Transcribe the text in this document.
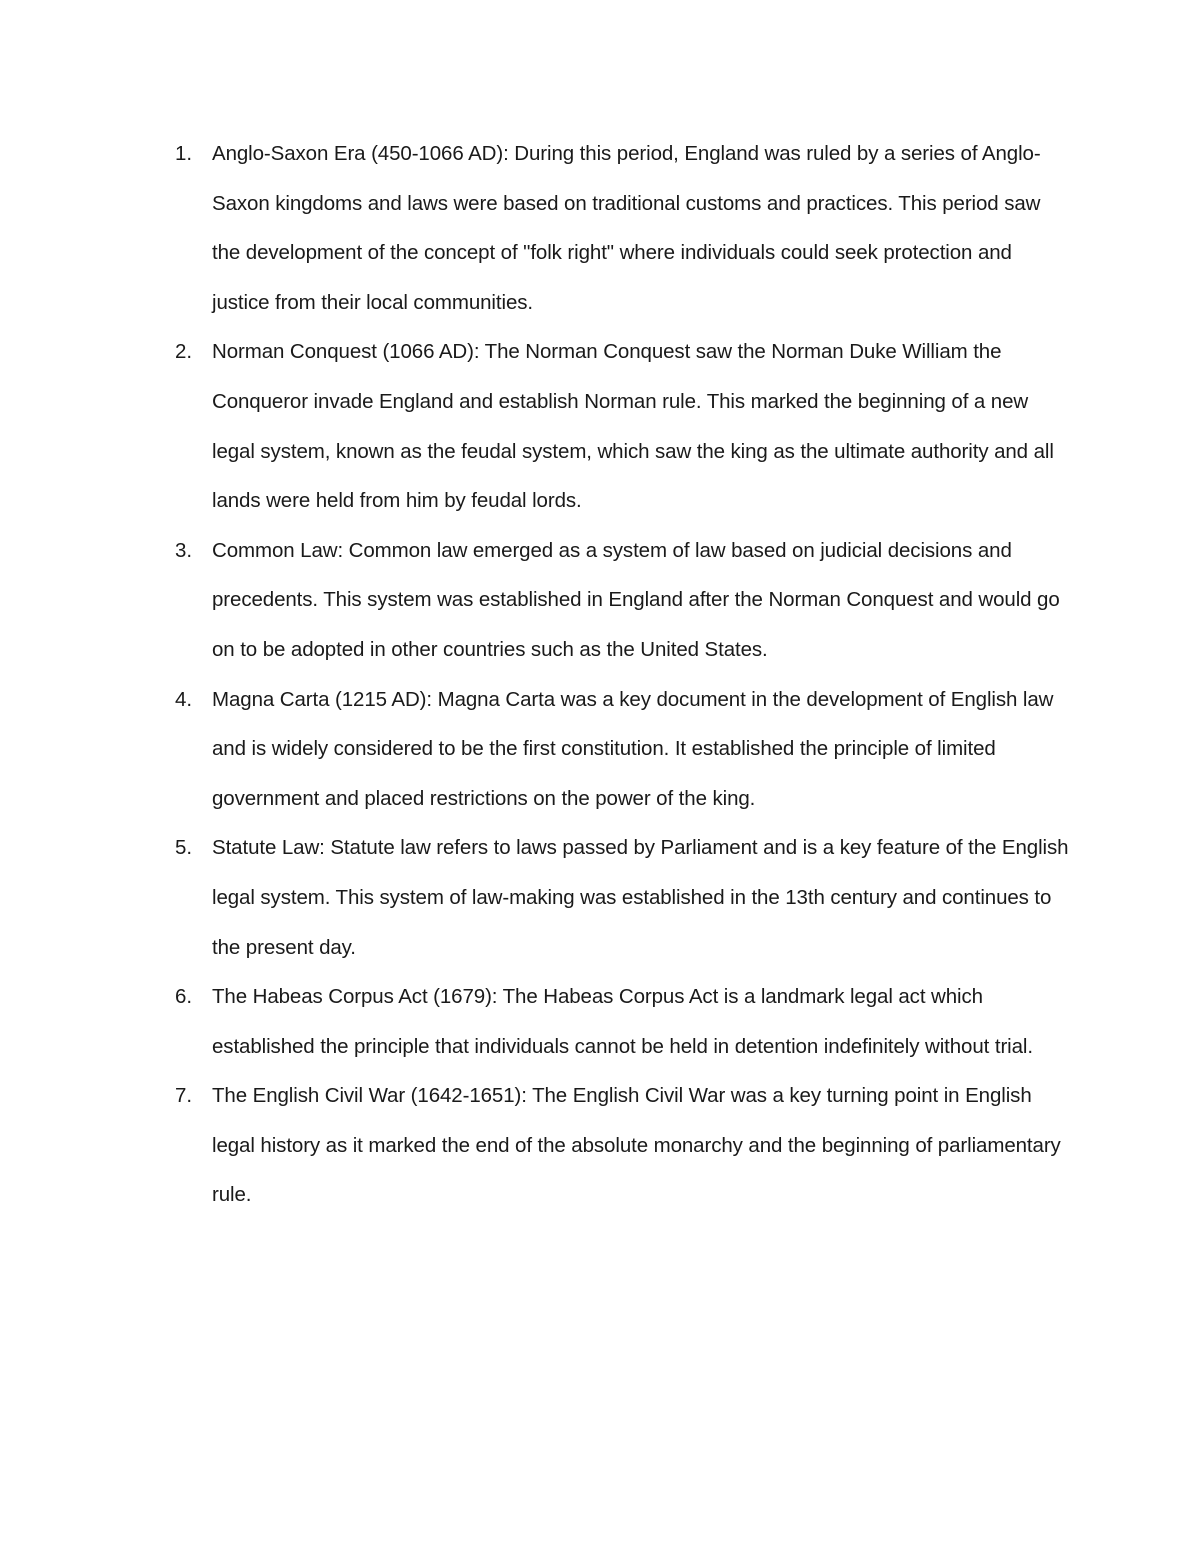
1. Anglo-Saxon Era (450-1066 AD): During this period, England was ruled by a series of Anglo-Saxon kingdoms and laws were based on traditional customs and practices. This period saw the development of the concept of "folk right" where individuals could seek protection and justice from their local communities.
2. Norman Conquest (1066 AD): The Norman Conquest saw the Norman Duke William the Conqueror invade England and establish Norman rule. This marked the beginning of a new legal system, known as the feudal system, which saw the king as the ultimate authority and all lands were held from him by feudal lords.
3. Common Law: Common law emerged as a system of law based on judicial decisions and precedents. This system was established in England after the Norman Conquest and would go on to be adopted in other countries such as the United States.
4. Magna Carta (1215 AD): Magna Carta was a key document in the development of English law and is widely considered to be the first constitution. It established the principle of limited government and placed restrictions on the power of the king.
5. Statute Law: Statute law refers to laws passed by Parliament and is a key feature of the English legal system. This system of law-making was established in the 13th century and continues to the present day.
6. The Habeas Corpus Act (1679): The Habeas Corpus Act is a landmark legal act which established the principle that individuals cannot be held in detention indefinitely without trial.
7. The English Civil War (1642-1651): The English Civil War was a key turning point in English legal history as it marked the end of the absolute monarchy and the beginning of parliamentary rule.
